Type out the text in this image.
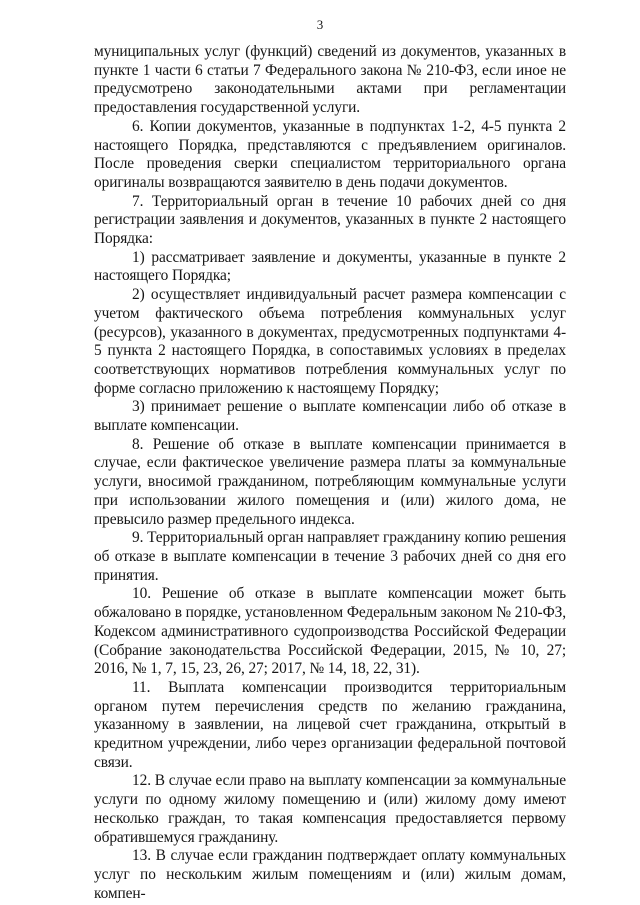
3

муниципальных услуг (функций) сведений из документов, указанных в пункте 1 части 6 статьи 7 Федерального закона № 210-ФЗ, если иное не предусмотрено законодательными актами при регламентации предоставления государственной услуги.

6. Копии документов, указанные в подпунктах 1-2, 4-5 пункта 2 настоящего Порядка, представляются с предъявлением оригиналов. После проведения сверки специалистом территориального органа оригиналы возвращаются заявителю в день подачи документов.

7. Территориальный орган в течение 10 рабочих дней со дня регистрации заявления и документов, указанных в пункте 2 настоящего Порядка:

1) рассматривает заявление и документы, указанные в пункте 2 настоящего Порядка;

2) осуществляет индивидуальный расчет размера компенсации с учетом фактического объема потребления коммунальных услуг (ресурсов), указанного в документах, предусмотренных подпунктами 4-5 пункта 2 настоящего Порядка, в сопоставимых условиях в пределах соответствующих нормативов потребления коммунальных услуг по форме согласно приложению к настоящему Порядку;

3) принимает решение о выплате компенсации либо об отказе в выплате компенсации.

8. Решение об отказе в выплате компенсации принимается в случае, если фактическое увеличение размера платы за коммунальные услуги, вносимой гражданином, потребляющим коммунальные услуги при использовании жилого помещения и (или) жилого дома, не превысило размер предельного индекса.

9. Территориальный орган направляет гражданину копию решения об отказе в выплате компенсации в течение 3 рабочих дней со дня его принятия.

10. Решение об отказе в выплате компенсации может быть обжаловано в порядке, установленном Федеральным законом № 210-ФЗ, Кодексом административного судопроизводства Российской Федерации (Собрание законодательства Российской Федерации, 2015, № 10, 27; 2016, № 1, 7, 15, 23, 26, 27; 2017, № 14, 18, 22, 31).

11. Выплата компенсации производится территориальным органом путем перечисления средств по желанию гражданина, указанному в заявлении, на лицевой счет гражданина, открытый в кредитном учреждении, либо через организации федеральной почтовой связи.

12. В случае если право на выплату компенсации за коммунальные услуги по одному жилому помещению и (или) жилому дому имеют несколько граждан, то такая компенсация предоставляется первому обратившемуся гражданину.

13. В случае если гражданин подтверждает оплату коммунальных услуг по нескольким жилым помещениям и (или) жилым домам, компен-
